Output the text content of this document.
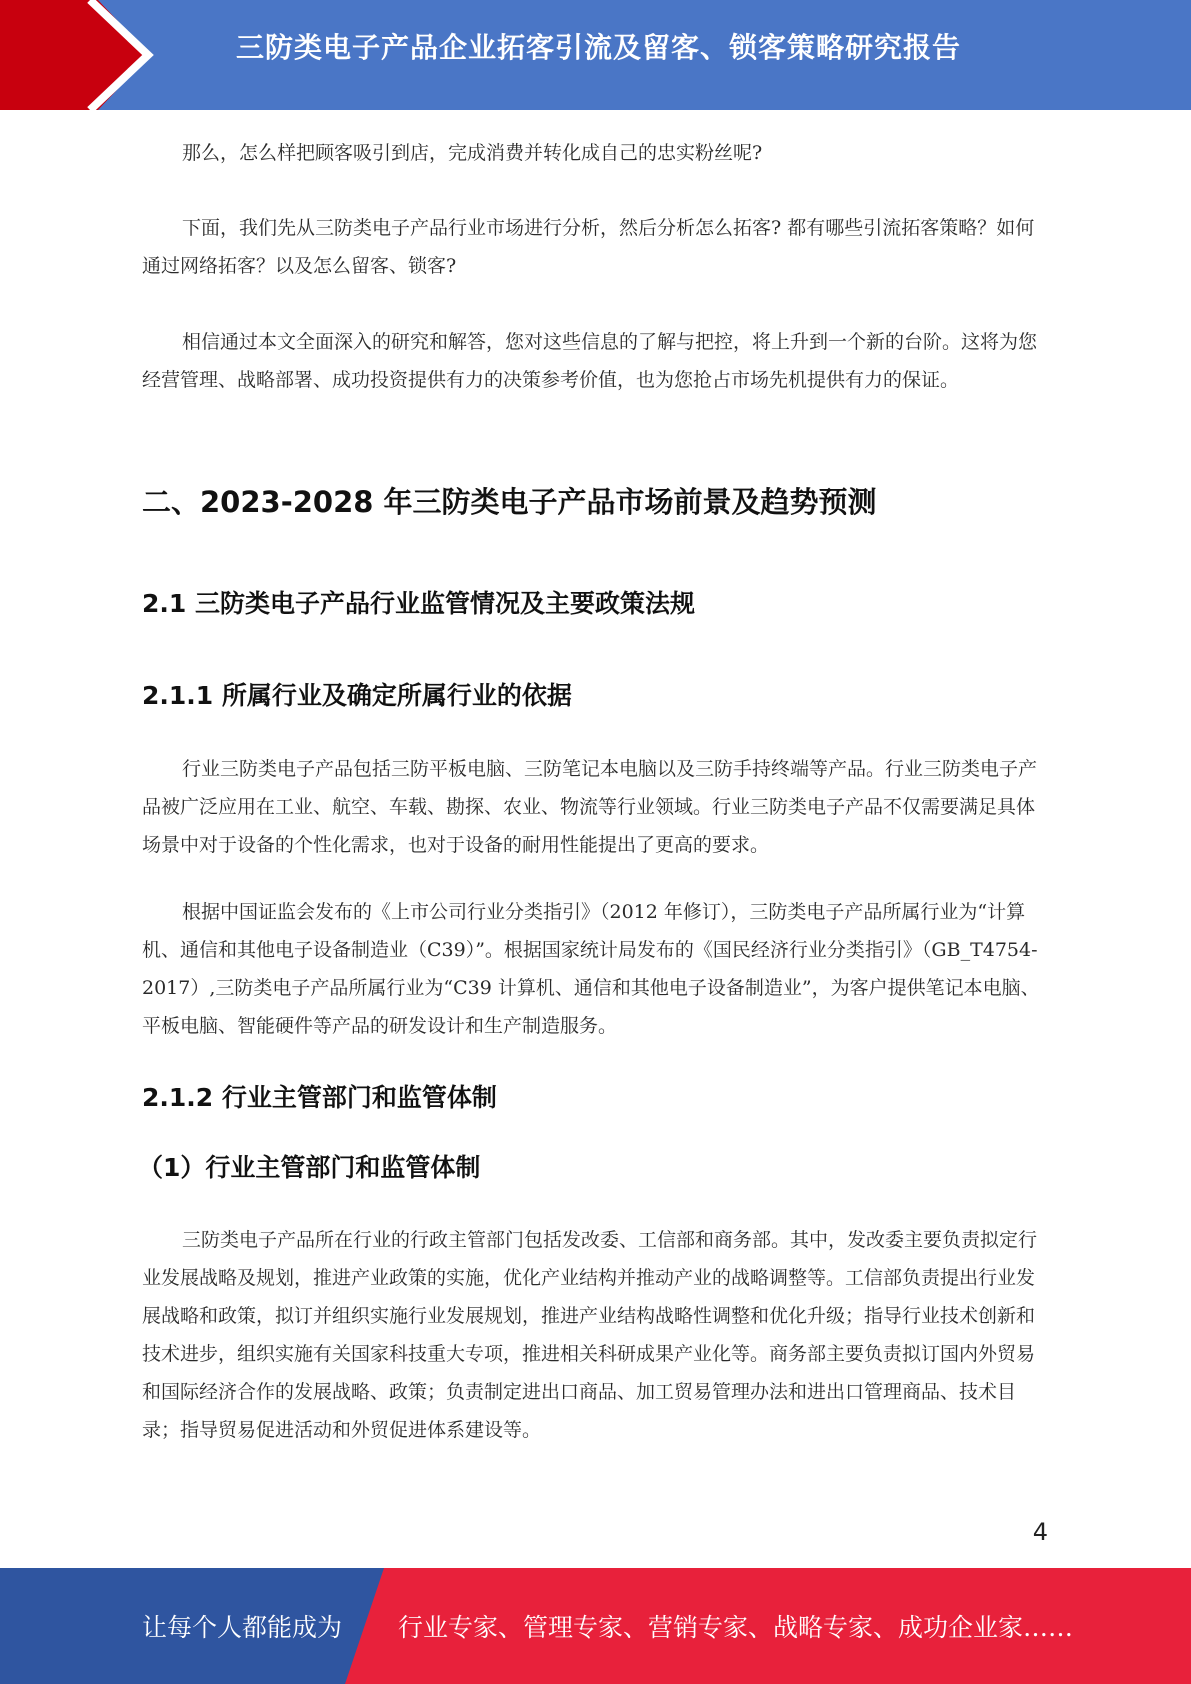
三防类电子产品企业拓客引流及留客、锁客策略研究报告

那么，怎么样把顾客吸引到店，完成消费并转化成自己的忠实粉丝呢?

下面，我们先从三防类电子产品行业市场进行分析，然后分析怎么拓客? 都有哪些引流拓客策略？如何通过网络拓客？以及怎么留客、锁客?

相信通过本文全面深入的研究和解答，您对这些信息的了解与把控，将上升到一个新的台阶。这将为您经营管理、战略部署、成功投资提供有力的决策参考价值，也为您抢占市场先机提供有力的保证。

二、2023-2028 年三防类电子产品市场前景及趋势预测
2.1 三防类电子产品行业监管情况及主要政策法规
2.1.1 所属行业及确定所属行业的依据

行业三防类电子产品包括三防平板电脑、三防笔记本电脑以及三防手持终端等产品。行业三防类电子产品被广泛应用在工业、航空、车载、勘探、农业、物流等行业领域。行业三防类电子产品不仅需要满足具体场景中对于设备的个性化需求，也对于设备的耐用性能提出了更高的要求。

根据中国证监会发布的《上市公司行业分类指引》（2012 年修订），三防类电子产品所属行业为“计算机、通信和其他电子设备制造业（C39）”。根据国家统计局发布的《国民经济行业分类指引》（GB_T4754-2017）,三防类电子产品所属行业为“C39 计算机、通信和其他电子设备制造业”，为客户提供笔记本电脑、平板电脑、智能硬件等产品的研发设计和生产制造服务。

2.1.2 行业主管部门和监管体制
（1）行业主管部门和监管体制

三防类电子产品所在行业的行政主管部门包括发改委、工信部和商务部。其中，发改委主要负责拟定行业发展战略及规划，推进产业政策的实施，优化产业结构并推动产业的战略调整等。工信部负责提出行业发展战略和政策，拟订并组织实施行业发展规划，推进产业结构战略性调整和优化升级；指导行业技术创新和技术进步，组织实施有关国家科技重大专项，推进相关科研成果产业化等。商务部主要负责拟订国内外贸易和国际经济合作的发展战略、政策；负责制定进出口商品、加工贸易管理办法和进出口管理商品、技术目录；指导贸易促进活动和外贸促进体系建设等。

4
让每个人都能成为 行业专家、管理专家、营销专家、战略专家、成功企业家……
